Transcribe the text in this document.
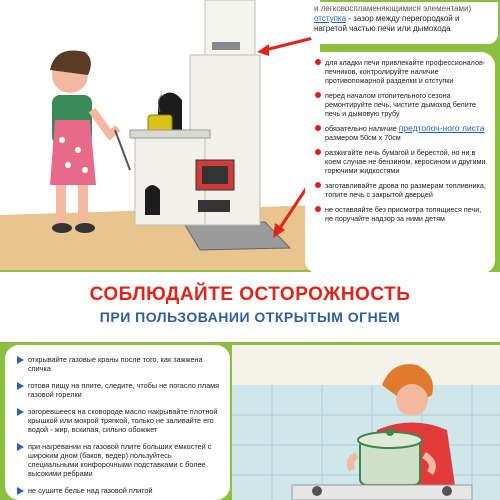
и легковоспламеняющимися элементами)
отступка - зазор между перегородкой и нагретой частью печи или дымохода
для кладки печи привлекайте профессионалов-печников, контролируйте наличие противопожарной разделки и отступки
перед началом отопительного сезона ремонтируйте печь, чистите дымоход белите печь и дымовую трубу
обязательно наличие предтопоч-ного листа размером 50см х 70см
разжигайте печь бумагой и берестой, но ни в коем случае не бензином, керосином и другими горючими жидкостями
заготавливайте дрова по размерам топливника, топите печь с закрытой дверцей
не оставляйте без присмотра топящиеся печи, не поручайте надзор за ними детям
СОБЛЮДАЙТЕ ОСТОРОЖНОСТЬ
ПРИ ПОЛЬЗОВАНИИ ОТКРЫТЫМ ОГНЕМ
открывайте газовые краны после того, как зажжена спичка
готовя пищу на плите, следите, чтобы не погасло пламя газовой горелки
загоревшееся на сковороде масло накрывайте плотной крышкой или мокрой тряпкой, только не заливайте его водой - жир, вскипая, сильно обожжет
при нагревании на газовой плите больших емкостей с широким дном (баков, ведер) пользуйтесь специальными конфорочными подставками с более высокими ребрами
не сушите белье над газовой плитой
